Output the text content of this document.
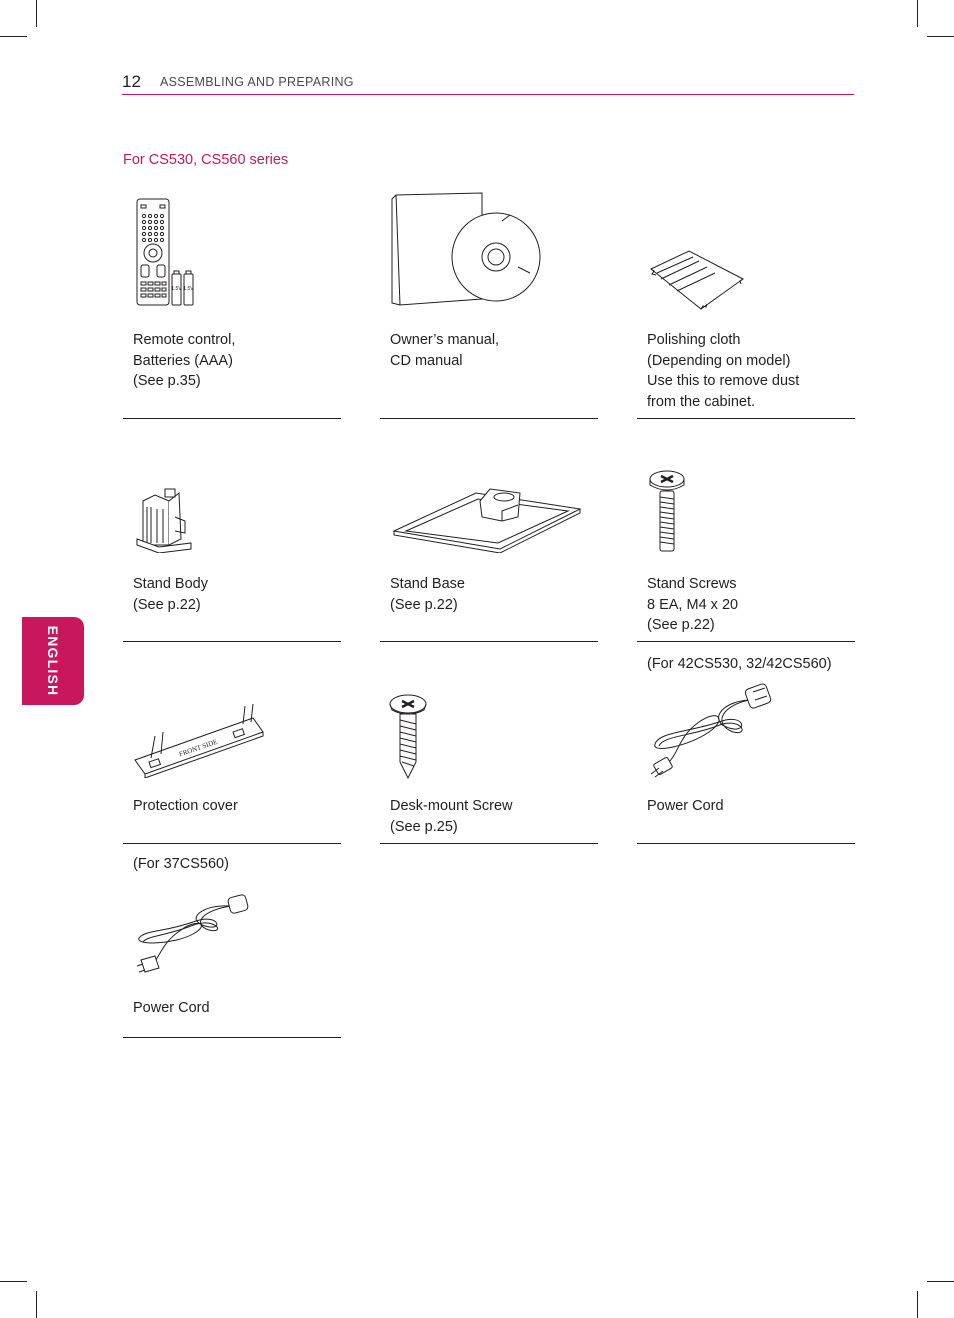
12 ASSEMBLING AND PREPARING
ENGLISH
For CS530, CS560 series
1.5V 1.5V
Remote control,
Batteries (AAA)
(See p.35)
Owner’s manual,
CD manual
Polishing cloth
(Depending on model)
Use this to remove dust
from the cabinet.
Stand Body
(See p.22)
Stand Base
(See p.22)
Stand Screws
8 EA, M4 x 20
(See p.22)
FRONT SIDE
Protection cover	Desk-mount Screw
(See p.25)
(For 42CS530, 32/42CS560)
Power Cord
(For 37CS560)
Power Cord
